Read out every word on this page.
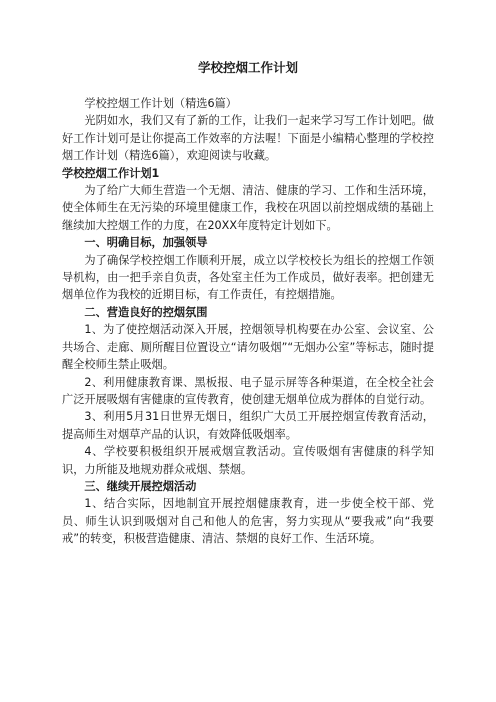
学校控烟工作计划

学校控烟工作计划（精选6篇）

光阴如水，我们又有了新的工作，让我们一起来学习写工作计划吧。做好工作计划可是让你提高工作效率的方法喔！下面是小编精心整理的学校控烟工作计划（精选6篇），欢迎阅读与收藏。

学校控烟工作计划1

为了给广大师生营造一个无烟、清洁、健康的学习、工作和生活环境，使全体师生在无污染的环境里健康工作，我校在巩固以前控烟成绩的基础上继续加大控烟工作的力度，在20XX年度特定计划如下。

一、明确目标，加强领导

为了确保学校控烟工作顺利开展，成立以学校校长为组长的控烟工作领导机构，由一把手亲自负责，各处室主任为工作成员，做好表率。把创建无烟单位作为我校的近期目标，有工作责任，有控烟措施。

二、营造良好的控烟氛围

1、为了使控烟活动深入开展，控烟领导机构要在办公室、会议室、公共场合、走廊、厕所醒目位置设立“请勿吸烟”“无烟办公室”等标志，随时提醒全校师生禁止吸烟。

2、利用健康教育课、黑板报、电子显示屏等各种渠道，在全校全社会广泛开展吸烟有害健康的宣传教育，使创建无烟单位成为群体的自觉行动。

3、利用5月31日世界无烟日，组织广大员工开展控烟宣传教育活动，提高师生对烟草产品的认识，有效降低吸烟率。

4、学校要积极组织开展戒烟宣教活动。宣传吸烟有害健康的科学知识，力所能及地规劝群众戒烟、禁烟。

三、继续开展控烟活动

1、结合实际，因地制宜开展控烟健康教育，进一步使全校干部、党员、师生认识到吸烟对自己和他人的危害，努力实现从“要我戒”向“我要戒”的转变，积极营造健康、清洁、禁烟的良好工作、生活环境。
